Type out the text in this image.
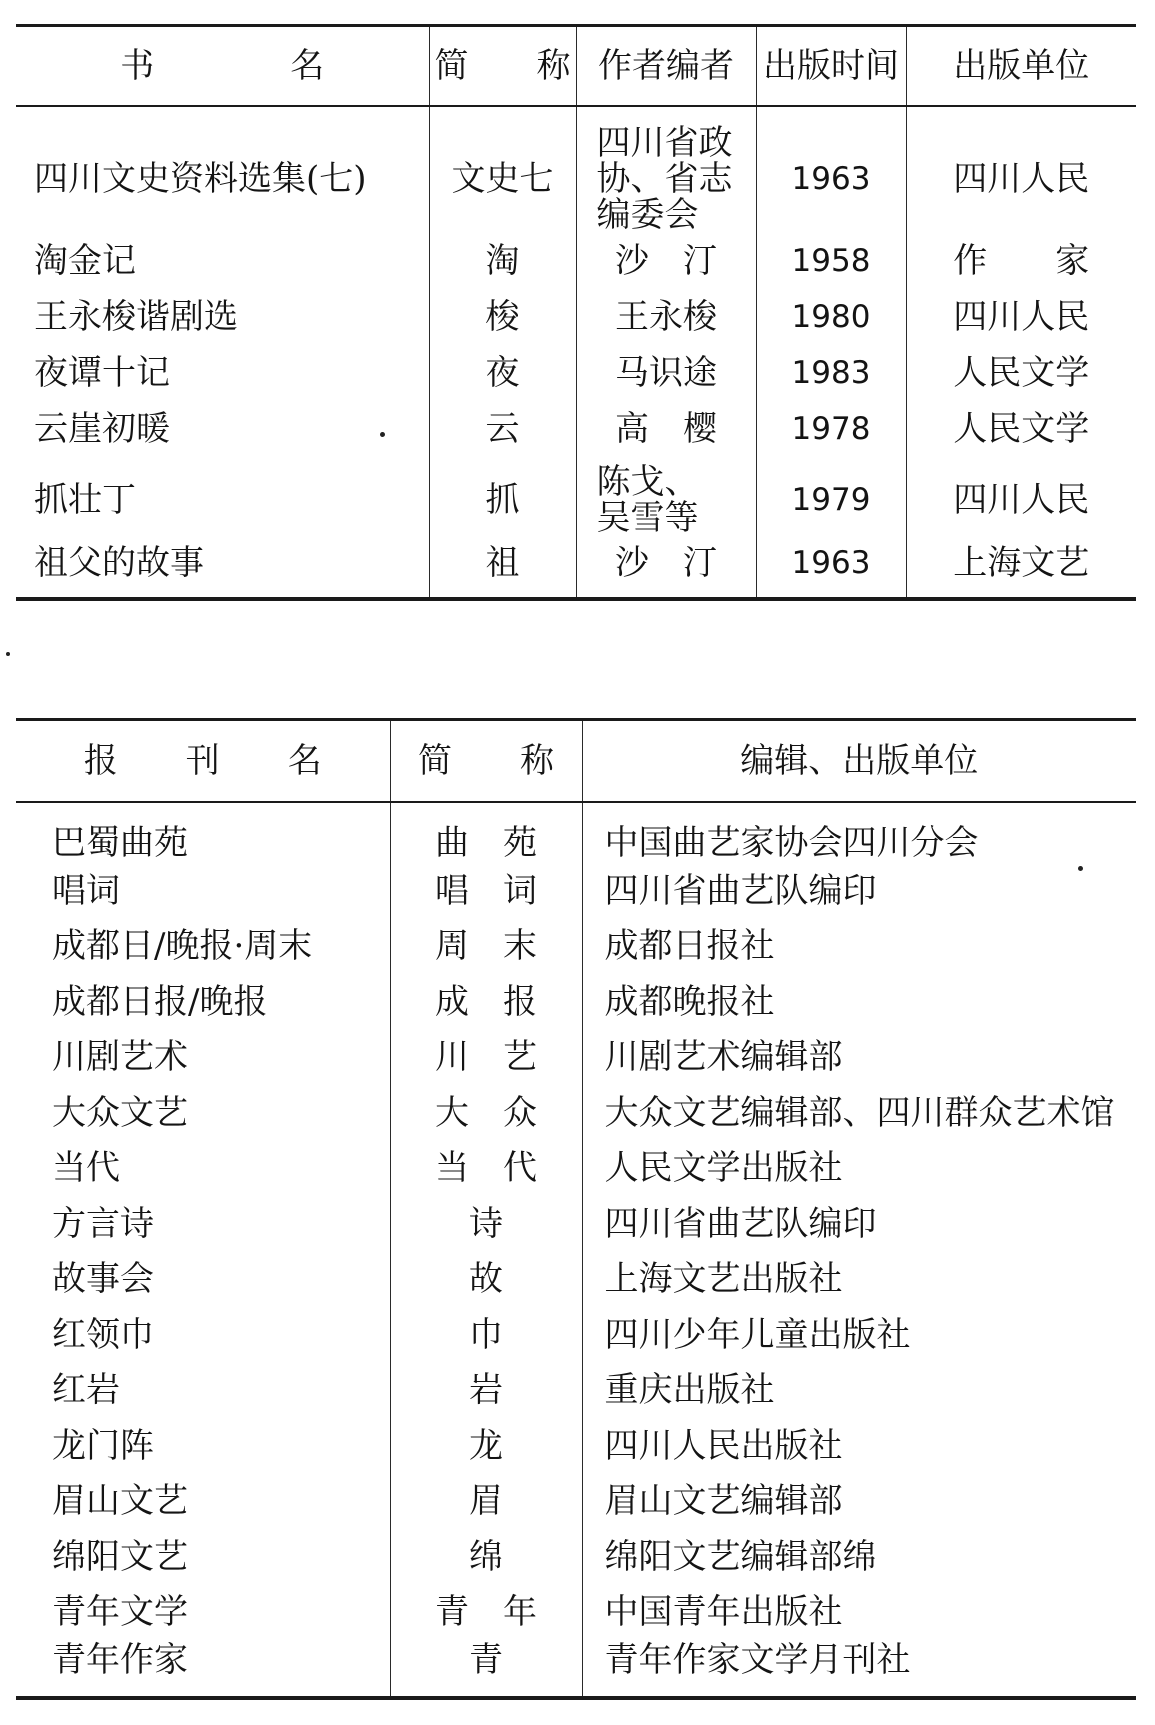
书　　　　名	简　　称	作者编者	出版时间	出版单位
四川文史资料选集(七)	文史七	四川省政
协、省志
编委会	1963	四川人民
淘金记	淘	沙　汀	1958	作　　家
王永梭谐剧选	梭	王永梭	1980	四川人民
夜谭十记	夜	马识途	1983	人民文学
云崖初暖	云	高　樱	1978	人民文学
抓壮丁	抓	陈戈、
吴雪等	1979	四川人民
祖父的故事	祖	沙　汀	1963	上海文艺
报　　刊　　名	简　　称	编辑、出版单位
巴蜀曲苑	曲　苑	中国曲艺家协会四川分会
唱词	唱　词	四川省曲艺队编印
成都日/晚报·周末	周　末	成都日报社
成都日报/晚报	成　报	成都晚报社
川剧艺术	川　艺	川剧艺术编辑部
大众文艺	大　众	大众文艺编辑部、四川群众艺术馆
当代	当　代	人民文学出版社
方言诗	诗	四川省曲艺队编印
故事会	故	上海文艺出版社
红领巾	巾	四川少年儿童出版社
红岩	岩	重庆出版社
龙门阵	龙	四川人民出版社
眉山文艺	眉	眉山文艺编辑部
绵阳文艺	绵	绵阳文艺编辑部绵
青年文学	青　年	中国青年出版社
青年作家	青	青年作家文学月刊社
